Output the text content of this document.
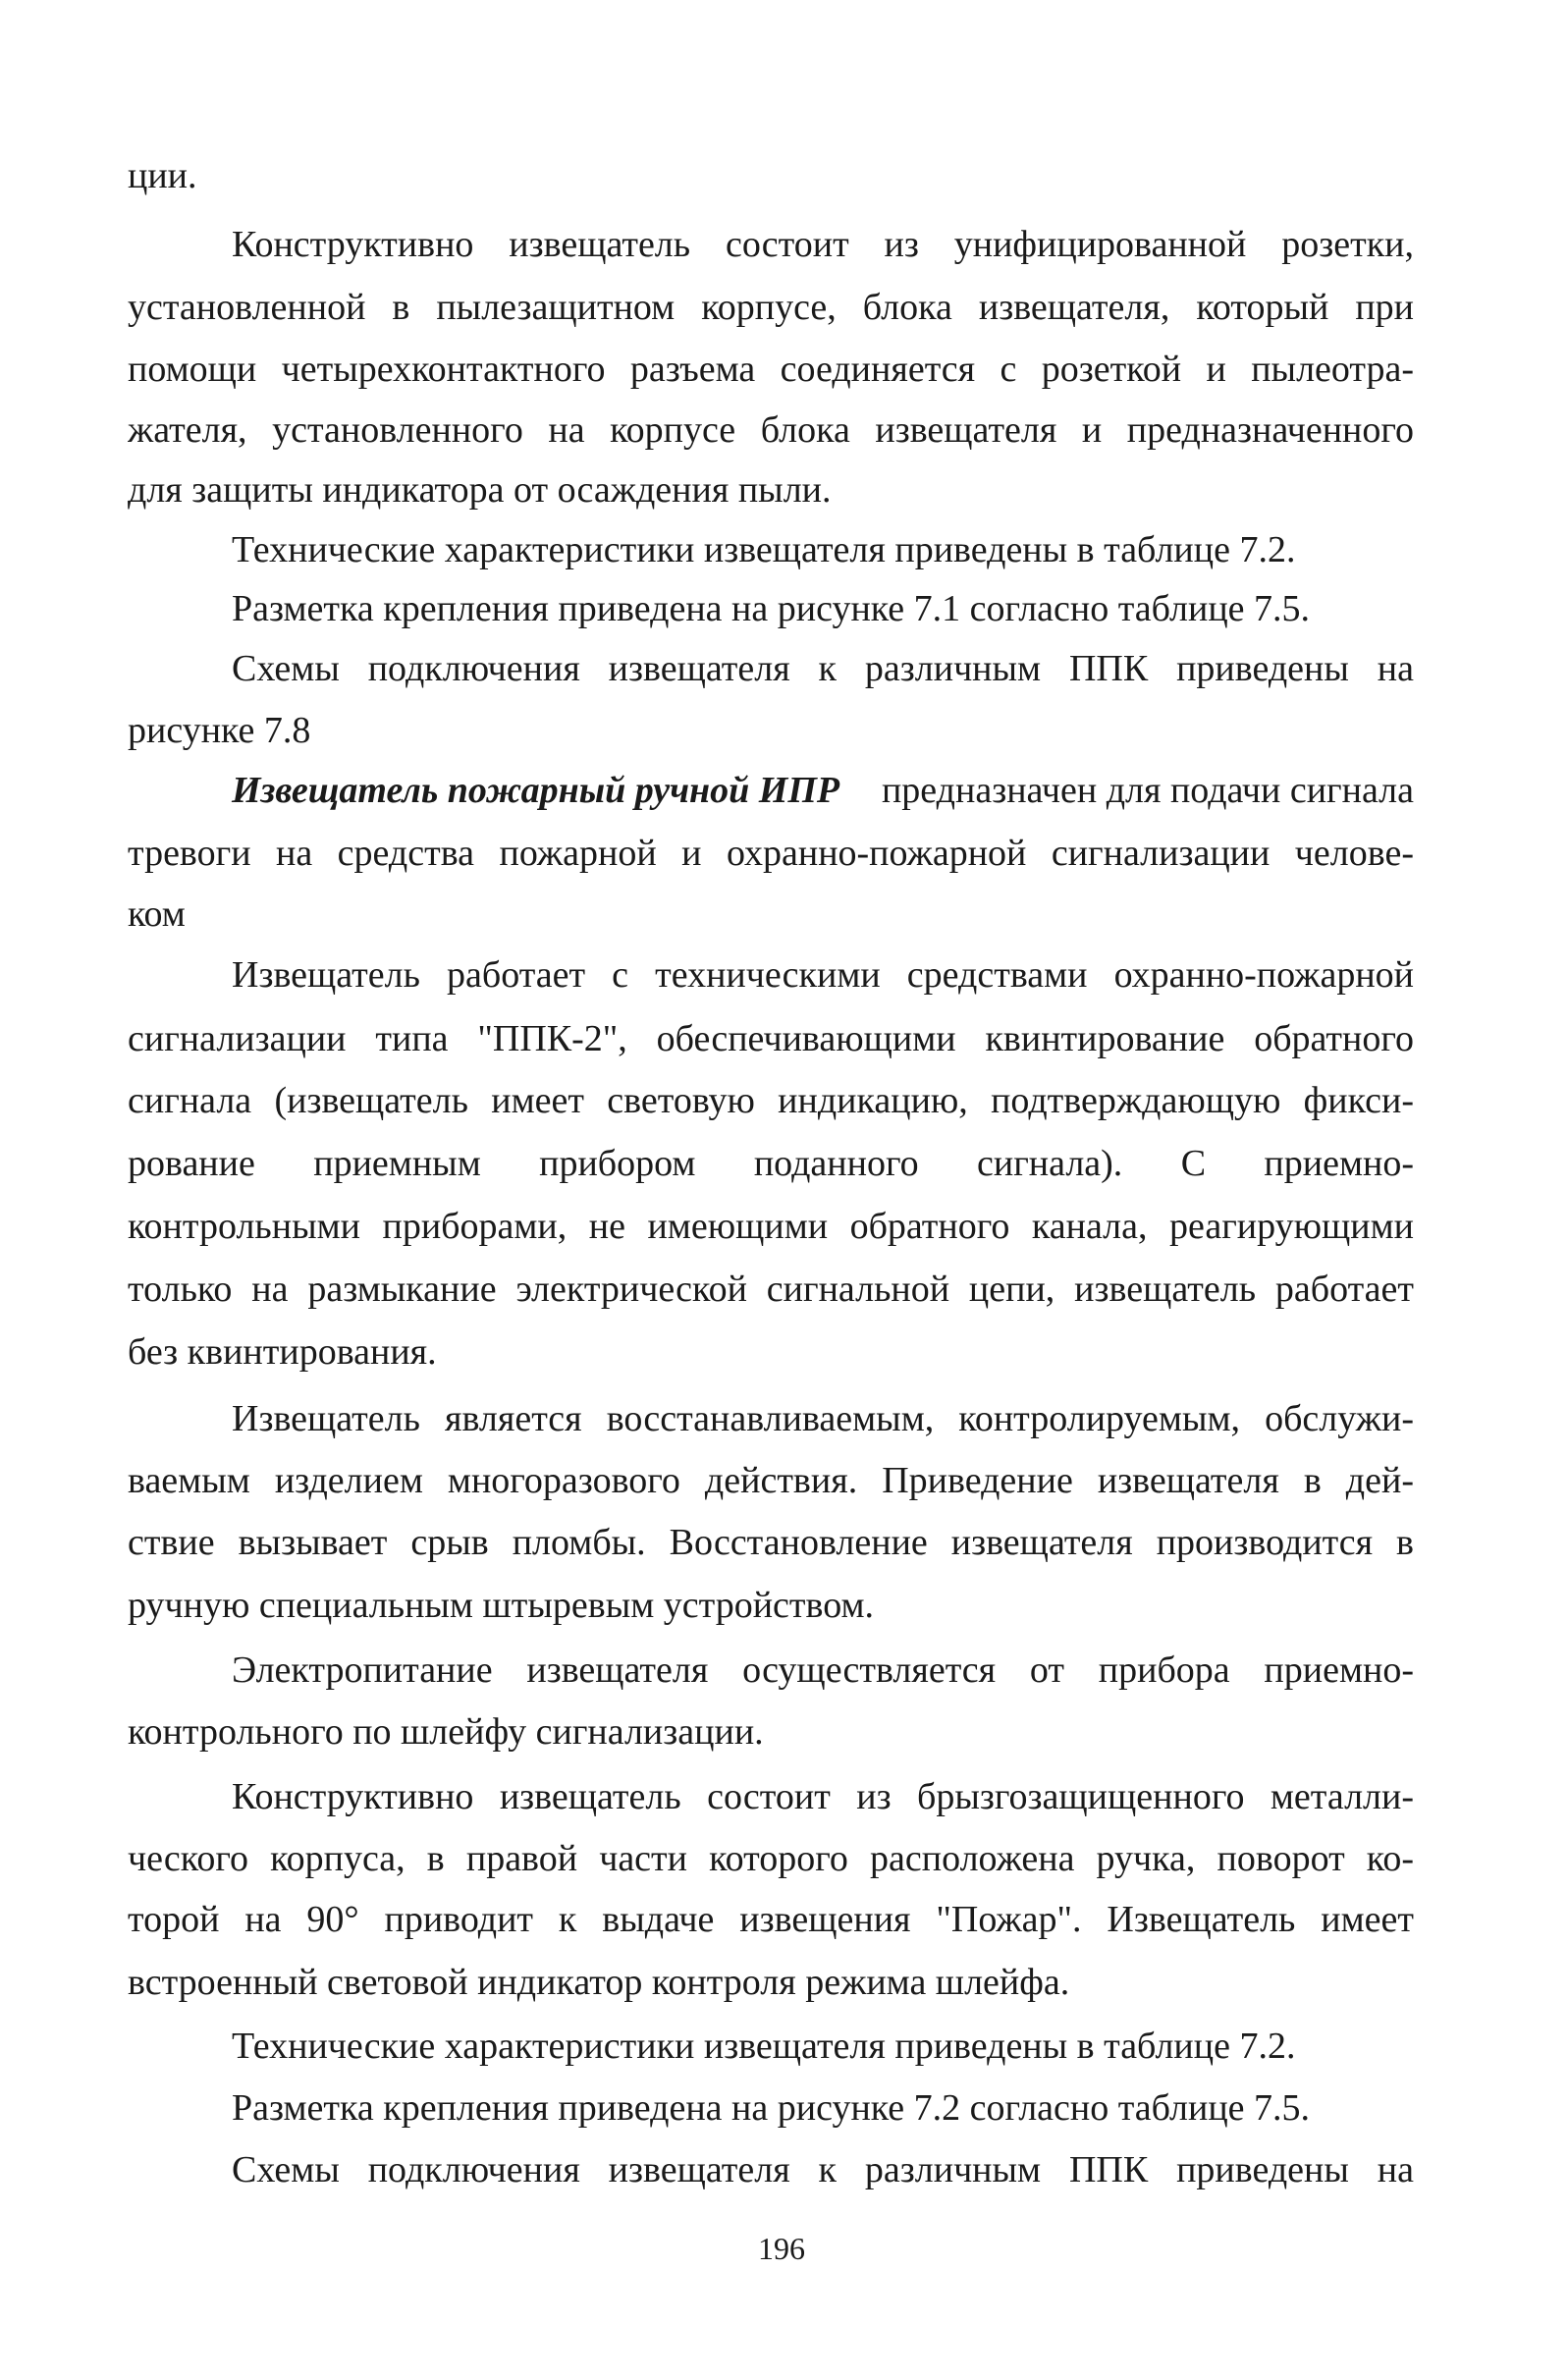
ции.
Конструктивно извещатель состоит из унифицированной розетки,
установленной в пылезащитном корпусе, блока извещателя, который при
помощи четырехконтактного разъема соединяется с розеткой и пылеотра-
жателя, установленного на корпусе блока извещателя и предназначенного
для защиты индикатора от осаждения пыли.
Технические характеристики извещателя приведены в таблице 7.2.
Разметка крепления приведена на рисунке 7.1 согласно таблице 7.5.
Схемы подключения извещателя к различным ППК приведены на
рисунке 7.8
Извещатель пожарный ручной ИПР предназначен для подачи сигнала
тревоги на средства пожарной и охранно-пожарной сигнализации челове-
ком
Извещатель работает с техническими средствами охранно-пожарной
сигнализации типа "ППК-2", обеспечивающими квинтирование обратного
сигнала (извещатель имеет световую индикацию, подтверждающую фикси-
рование приемным прибором поданного сигнала). С приемно-
контрольными приборами, не имеющими обратного канала, реагирующими
только на размыкание электрической сигнальной цепи, извещатель работает
без квинтирования.
Извещатель является восстанавливаемым, контролируемым, обслужи-
ваемым изделием многоразового действия. Приведение извещателя в дей-
ствие вызывает срыв пломбы. Восстановление извещателя производится в
ручную специальным штыревым устройством.
Электропитание извещателя осуществляется от прибора приемно-
контрольного по шлейфу сигнализации.
Конструктивно извещатель состоит из брызгозащищенного металли-
ческого корпуса, в правой части которого расположена ручка, поворот ко-
торой на 90° приводит к выдаче извещения "Пожар". Извещатель имеет
встроенный световой индикатор контроля режима шлейфа.
Технические характеристики извещателя приведены в таблице 7.2.
Разметка крепления приведена на рисунке 7.2 согласно таблице 7.5.
Схемы подключения извещателя к различным ППК приведены на
196
